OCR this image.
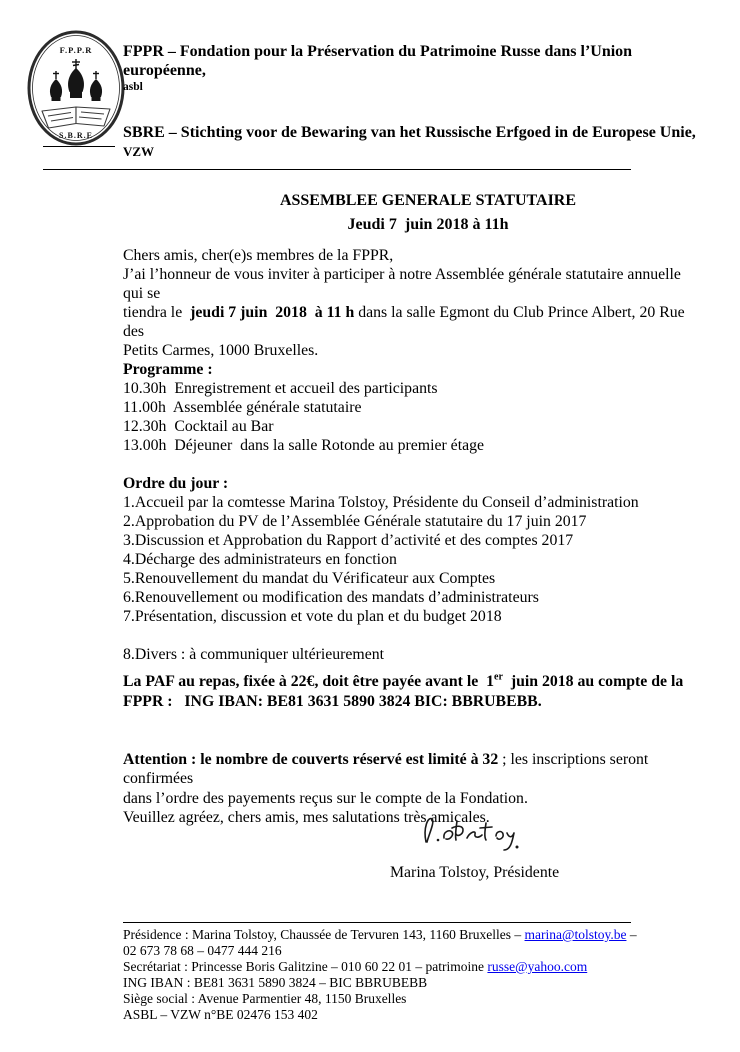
F.P.P.R
S.B.R.E
FPPR – Fondation pour la Préservation du Patrimoine Russe dans l’Union européenne,
asbl
SBRE – Stichting voor de Bewaring van het Russische Erfgoed in de Europese Unie, VZW
ASSEMBLEE GENERALE STATUTAIRE
Jeudi 7  juin 2018 à 11h
Chers amis, cher(e)s membres de la FPPR,
J’ai l’honneur de vous inviter à participer à notre Assemblée générale statutaire annuelle qui se
tiendra le  jeudi 7 juin  2018  à 11 h dans la salle Egmont du Club Prince Albert, 20 Rue des
Petits Carmes, 1000 Bruxelles.
Programme :
10.30h  Enregistrement et accueil des participants
11.00h  Assemblée générale statutaire
12.30h  Cocktail au Bar
13.00h  Déjeuner  dans la salle Rotonde au premier étage
Ordre du jour :
1.Accueil par la comtesse Marina Tolstoy, Présidente du Conseil d’administration
2.Approbation du PV de l’Assemblée Générale statutaire du 17 juin 2017
3.Discussion et Approbation du Rapport d’activité et des comptes 2017
4.Décharge des administrateurs en fonction
5.Renouvellement du mandat du Vérificateur aux Comptes
6.Renouvellement ou modification des mandats d’administrateurs
7.Présentation, discussion et vote du plan et du budget 2018
8.Divers : à communiquer ultérieurement
La PAF au repas, fixée à 22€, doit être payée avant le  1er  juin 2018 au compte de la
FPPR :   ING IBAN: BE81 3631 5890 3824 BIC: BBRUBEBB.
Attention : le nombre de couverts réservé est limité à 32 ; les inscriptions seront confirmées
dans l’ordre des payements reçus sur le compte de la Fondation.
Veuillez agréez, chers amis, mes salutations très amicales.
Marina Tolstoy, Présidente
Présidence : Marina Tolstoy, Chaussée de Tervuren 143, 1160 Bruxelles – marina@tolstoy.be –
02 673 78 68 – 0477 444 216
Secrétariat : Princesse Boris Galitzine – 010 60 22 01 – patrimoine russe@yahoo.com
ING IBAN : BE81 3631 5890 3824 – BIC BBRUBEBB
Siège social : Avenue Parmentier 48, 1150 Bruxelles
ASBL – VZW n°BE 02476 153 402
